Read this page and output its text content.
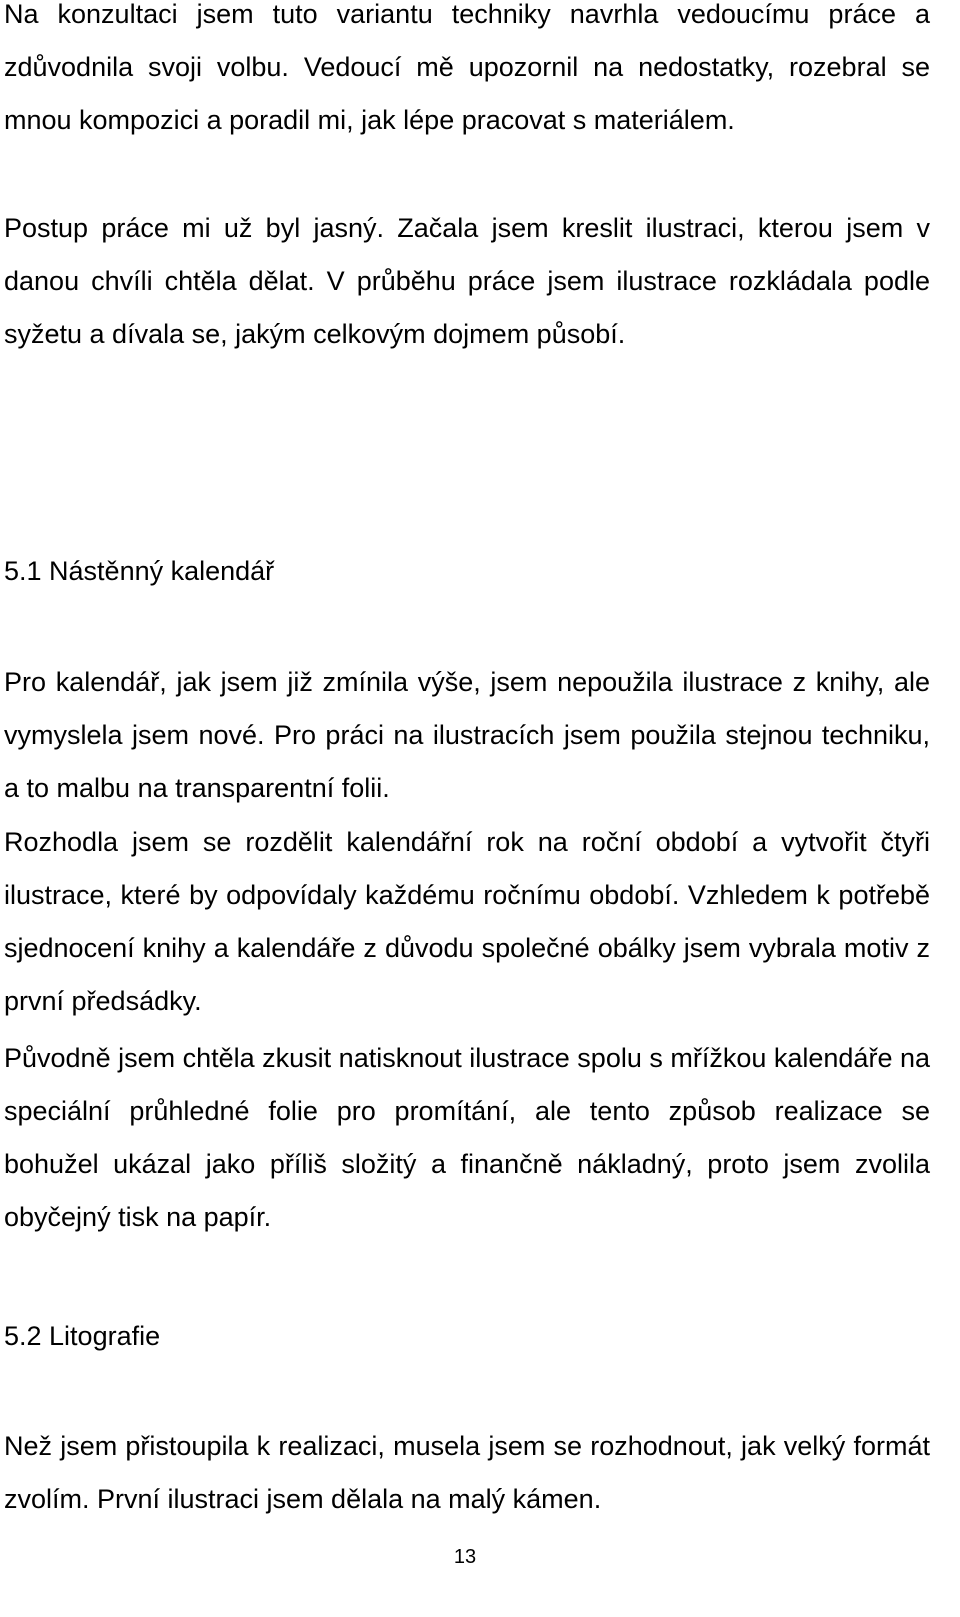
Na konzultaci jsem tuto variantu techniky navrhla vedoucímu práce a zdůvodnila svoji volbu. Vedoucí mě upozornil na nedostatky, rozebral se mnou kompozici a poradil mi, jak lépe pracovat s materiálem.

Postup práce mi už byl jasný. Začala jsem kreslit ilustraci, kterou jsem v danou chvíli chtěla dělat. V průběhu práce jsem ilustrace rozkládala podle syžetu a dívala se, jakým celkovým dojmem působí.

5.1 Nástěnný kalendář

Pro kalendář, jak jsem již zmínila výše, jsem nepoužila ilustrace z knihy, ale vymyslela jsem nové. Pro práci na ilustracích jsem použila stejnou techniku, a to malbu na transparentní folii.

Rozhodla jsem se rozdělit kalendářní rok na roční období a vytvořit čtyři ilustrace, které by odpovídaly každému ročnímu období. Vzhledem k potřebě sjednocení knihy a kalendáře z důvodu společné obálky jsem vybrala motiv z první předsádky.

Původně jsem chtěla zkusit natisknout ilustrace spolu s mřížkou kalendáře na speciální průhledné folie pro promítání, ale tento způsob realizace se bohužel ukázal jako příliš složitý a finančně nákladný, proto jsem zvolila obyčejný tisk na papír.

5.2 Litografie

Než jsem přistoupila k realizaci, musela jsem se rozhodnout, jak velký formát zvolím. První ilustraci jsem dělala na malý kámen.

13
